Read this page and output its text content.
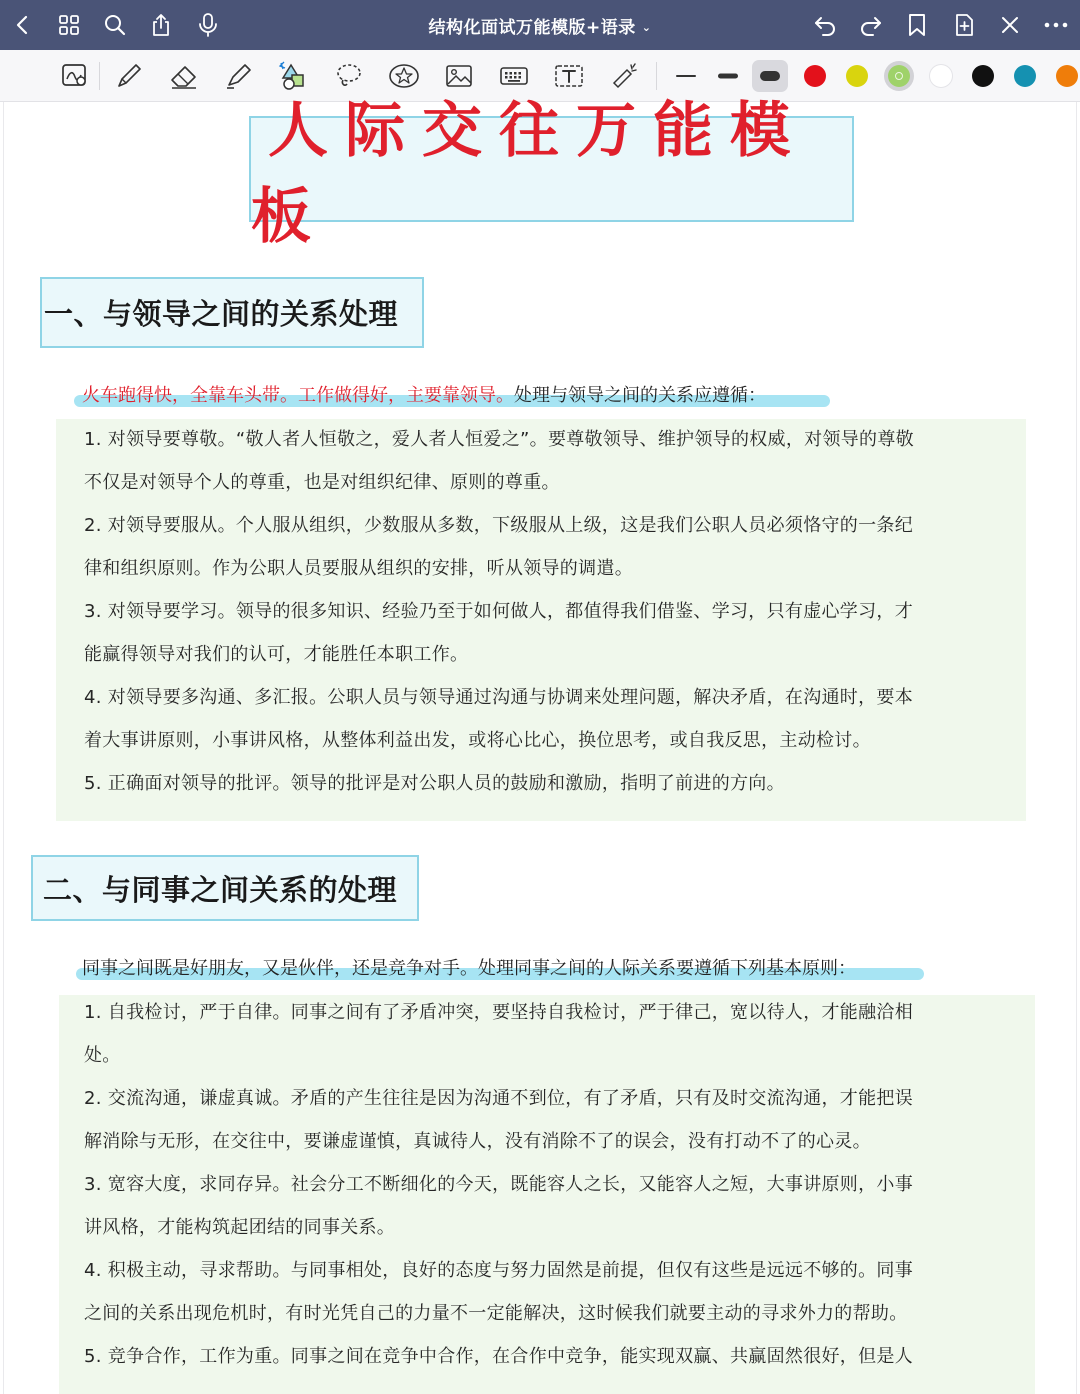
结构化面试万能模版+语录 ⌄
人际交往万能模板
一、与领导之间的关系处理
火车跑得快，全靠车头带。工作做得好，主要靠领导。处理与领导之间的关系应遵循：
1. 对领导要尊敬。“敬人者人恒敬之，爱人者人恒爱之”。要尊敬领导、维护领导的权威，对领导的尊敬
不仅是对领导个人的尊重，也是对组织纪律、原则的尊重。
2. 对领导要服从。个人服从组织，少数服从多数，下级服从上级，这是我们公职人员必须恪守的一条纪
律和组织原则。作为公职人员要服从组织的安排，听从领导的调遣。
3. 对领导要学习。领导的很多知识、经验乃至于如何做人，都值得我们借鉴、学习，只有虚心学习，才
能赢得领导对我们的认可，才能胜任本职工作。
4. 对领导要多沟通、多汇报。公职人员与领导通过沟通与协调来处理问题，解决矛盾，在沟通时，要本
着大事讲原则，小事讲风格，从整体利益出发，或将心比心，换位思考，或自我反思，主动检讨。
5. 正确面对领导的批评。领导的批评是对公职人员的鼓励和激励，指明了前进的方向。
二、与同事之间关系的处理
同事之间既是好朋友，又是伙伴，还是竞争对手。处理同事之间的人际关系要遵循下列基本原则：
1. 自我检讨，严于自律。同事之间有了矛盾冲突，要坚持自我检讨，严于律己，宽以待人，才能融洽相
处。
2. 交流沟通，谦虚真诚。矛盾的产生往往是因为沟通不到位，有了矛盾，只有及时交流沟通，才能把误
解消除与无形，在交往中，要谦虚谨慎，真诚待人，没有消除不了的误会，没有打动不了的心灵。
3. 宽容大度，求同存异。社会分工不断细化的今天，既能容人之长，又能容人之短，大事讲原则，小事
讲风格，才能构筑起团结的同事关系。
4. 积极主动，寻求帮助。与同事相处，良好的态度与努力固然是前提，但仅有这些是远远不够的。同事
之间的关系出现危机时，有时光凭自己的力量不一定能解决，这时候我们就要主动的寻求外力的帮助。
5. 竞争合作，工作为重。同事之间在竞争中合作，在合作中竞争，能实现双赢、共赢固然很好，但是人
